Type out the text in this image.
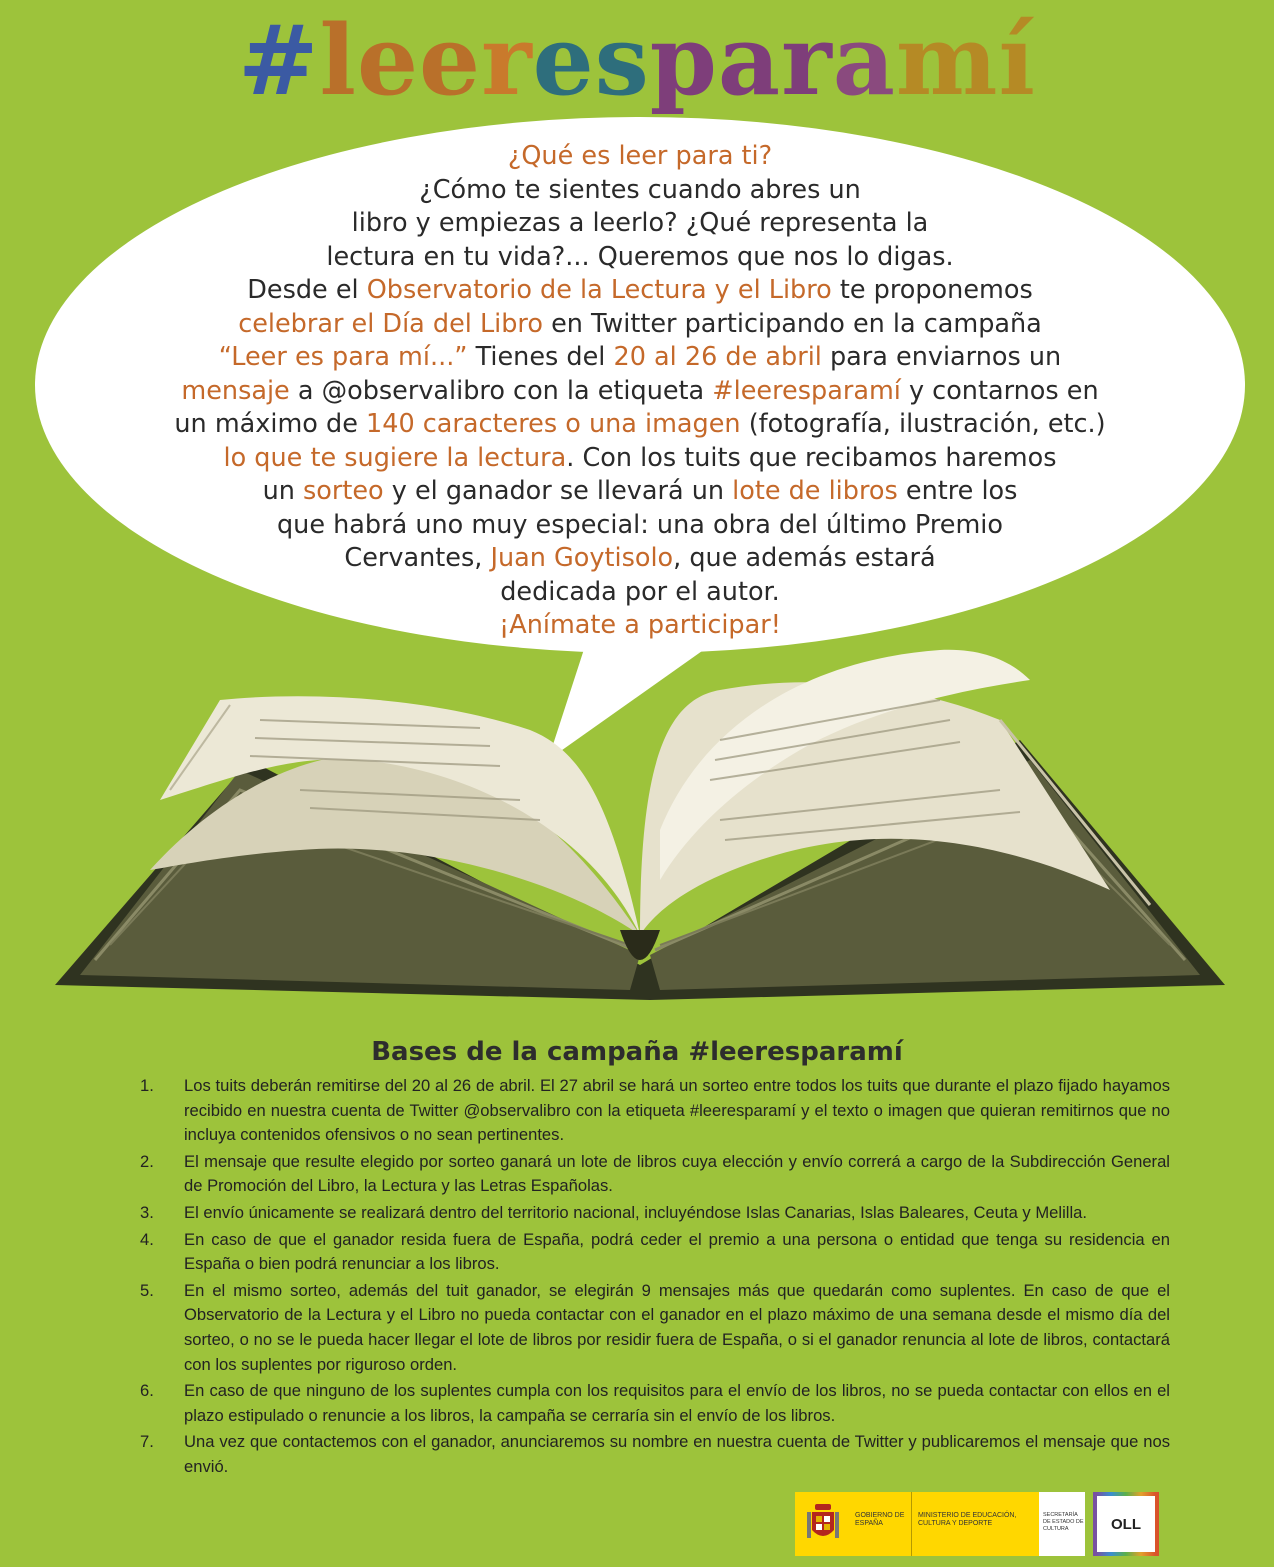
#leeresparamí
¿Qué es leer para ti?
¿Cómo te sientes cuando abres un
libro y empiezas a leerlo? ¿Qué representa la
lectura en tu vida?... Queremos que nos lo digas.
Desde el Observatorio de la Lectura y el Libro te proponemos
celebrar el Día del Libro en Twitter participando en la campaña
“Leer es para mí...” Tienes del 20 al 26 de abril para enviarnos un
mensaje a @observalibro con la etiqueta #leeresparamí y contarnos en
un máximo de 140 caracteres o una imagen (fotografía, ilustración, etc.)
lo que te sugiere la lectura. Con los tuits que recibamos haremos
un sorteo y el ganador se llevará un lote de libros entre los
que habrá uno muy especial: una obra del último Premio
Cervantes, Juan Goytisolo, que además estará
dedicada por el autor.
¡Anímate a participar!
Bases de la campaña #leeresparamí
1.	Los tuits deberán remitirse del 20 al 26 de abril. El 27 abril se hará un sorteo entre todos los tuits que durante el plazo fijado hayamos recibido en nuestra cuenta de Twitter @observalibro con la etiqueta #leeresparamí y el texto o imagen que quieran remitirnos que no incluya contenidos ofensivos o no sean pertinentes.
2.	El mensaje que resulte elegido por sorteo ganará un lote de libros cuya elección y envío correrá a cargo de la Subdirección General de Promoción del Libro, la Lectura y las Letras Españolas.
3.	El envío únicamente se realizará dentro del territorio nacional, incluyéndose Islas Canarias, Islas Baleares, Ceuta y Melilla.
4.	En caso de que el ganador resida fuera de España, podrá ceder el premio a una persona o entidad que tenga su residencia en España o bien podrá renunciar a los libros.
5.	En el mismo sorteo, además del tuit ganador, se elegirán 9 mensajes más que quedarán como suplentes. En caso de que el Observatorio de la Lectura y el Libro no pueda contactar con el ganador en el plazo máximo de una semana desde el mismo día del sorteo, o no se le pueda hacer llegar el lote de libros por residir fuera de España, o si el ganador renuncia al lote de libros, contactará con los suplentes por riguroso orden.
6.	En caso de que ninguno de los suplentes cumpla con los requisitos para el envío de los libros, no se pueda contactar con ellos en el plazo estipulado o renuncie a los libros, la campaña se cerraría sin el envío de los libros.
7.	Una vez que contactemos con el ganador, anunciaremos su nombre en nuestra cuenta de Twitter y publicaremos el mensaje que nos envió.
GOBIERNO DE ESPAÑA
MINISTERIO DE EDUCACIÓN, CULTURA Y DEPORTE
SECRETARÍA DE ESTADO DE CULTURA	OLL
